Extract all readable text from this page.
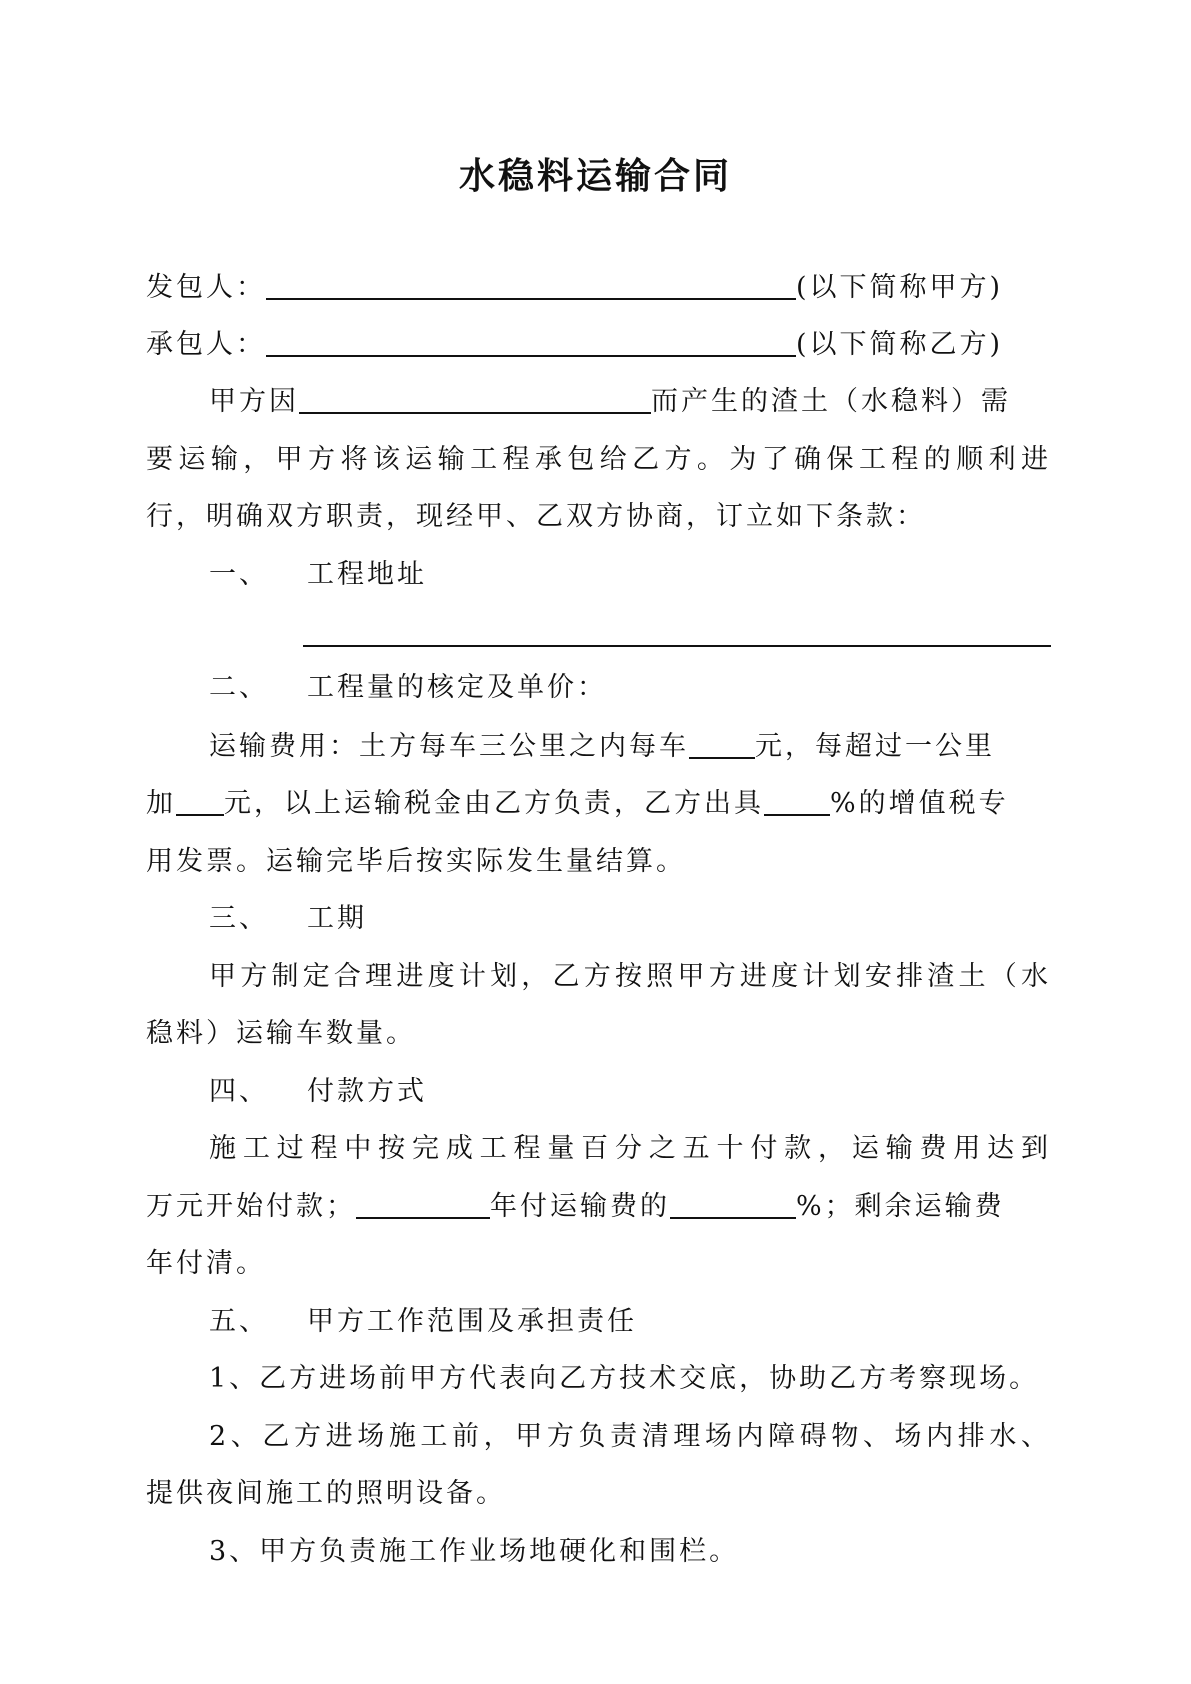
水稳料运输合同
发包人：	(以下简称甲方)
承包人：	(以下简称乙方)
甲方因	而产生的渣土（水稳料）需
要运输，甲方将该运输工程承包给乙方。为了确保工程的顺利进
行，明确双方职责，现经甲、乙双方协商，订立如下条款：
一、 工程地址
二、 工程量的核定及单价：
运输费用：土方每车三公里之内每车 元，每超过一公里
加 元，以上运输税金由乙方负责，乙方出具 %的增值税专
用发票。运输完毕后按实际发生量结算。
三、 工期
甲方制定合理进度计划，乙方按照甲方进度计划安排渣土（水
稳料）运输车数量。
四、 付款方式
施工过程中按完成工程量百分之五十付款，运输费用达到
万元开始付款；	年付运输费的	%；剩余运输费
年付清。
五、 甲方工作范围及承担责任
1、乙方进场前甲方代表向乙方技术交底，协助乙方考察现场。
2、乙方进场施工前，甲方负责清理场内障碍物、场内排水、
提供夜间施工的照明设备。
3、甲方负责施工作业场地硬化和围栏。
